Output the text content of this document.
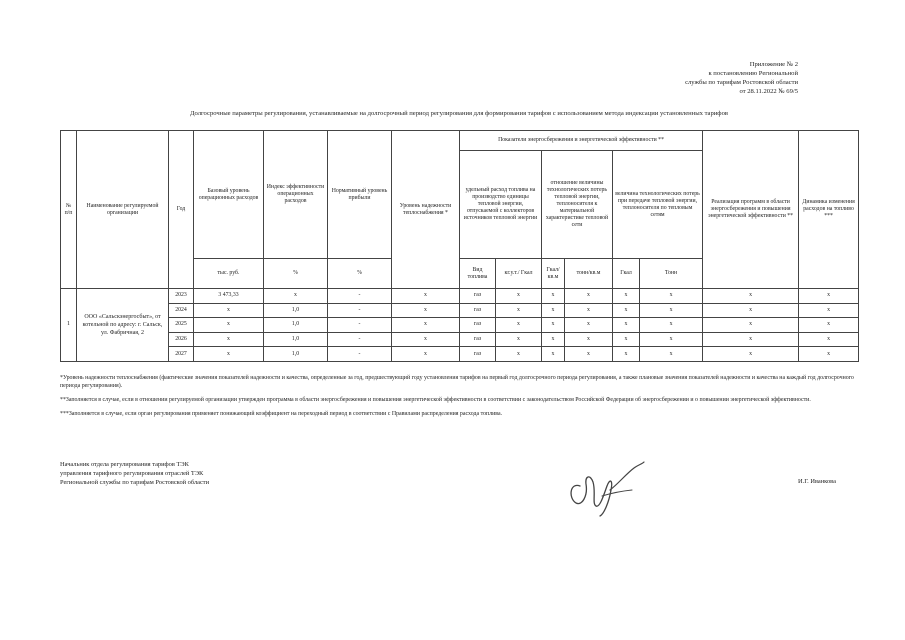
Приложение № 2
к постановлению Региональной
службы по тарифам Ростовской области
от 28.11.2022 № 69/5
Долгосрочные параметры регулирования, устанавливаемые на долгосрочный период регулирования для формирования тарифов с использованием метода индексации установленных тарифов
№ п/п	Наименование регулируемой организации	Год	Базовый уровень операционных расходов	Индекс эффективности операционных расходов	Нормативный уровень прибыли	Уровень надежности теплоснабжения *	Показатели энергосбережения и энергетической эффективности **						Реализация программ в области энергосбережения и повышения энергетической эффективности **	Динамика изменения расходов на топливо ***
							удельный расход топлива на производство единицы тепловой энергии, отпускаемой с коллекторов источников тепловой энергии		отношение величины технологических потерь тепловой энергии, теплоносителя к материальной характеристике тепловой сети		величина технологических потерь при передаче тепловой энергии, теплоносителя по тепловым сетям			
			тыс. руб.	%	%		Вид топлива	кг.у.т./ Гкал	Гкал/ кв.м	тонн/кв.м	Гкал	Тонн		
1	ООО «Сальскэнергосбыт», от котельной по адресу: г. Сальск, ул. Фабричная, 2	2023	3 473,33	х	-	х	газ	х	х	х	х	х	х	х
		2024	х	1,0	-	х	газ	х	х	х	х	х	х	х
		2025	х	1,0	-	х	газ	х	х	х	х	х	х	х
		2026	х	1,0	-	х	газ	х	х	х	х	х	х	х
		2027	х	1,0	-	х	газ	х	х	х	х	х	х	х

*Уровень надежности теплоснабжения (фактические значения показателей надежности и качества, определенные за год, предшествующий году установления тарифов на первый год долгосрочного периода регулирования, а также плановые значения показателей надежности и качества на каждый год долгосрочного периода регулирования).

**Заполняется в случае, если в отношении регулируемой организации утвержден программа в области энергосбережения и повышения энергетической эффективности в соответствии с законодательством Российской Федерации об энергосбережении и о повышении энергетической эффективности.

***Заполняется в случае, если орган регулирования применяет понижающий коэффициент на переходный период в соответствии с Правилами распределения расхода топлива.

Начальник отдела регулирования тарифов ТЭК
управления тарифного регулирования отраслей ТЭК
Региональной службы по тарифам Ростовской области	И.Г. Иванкова
